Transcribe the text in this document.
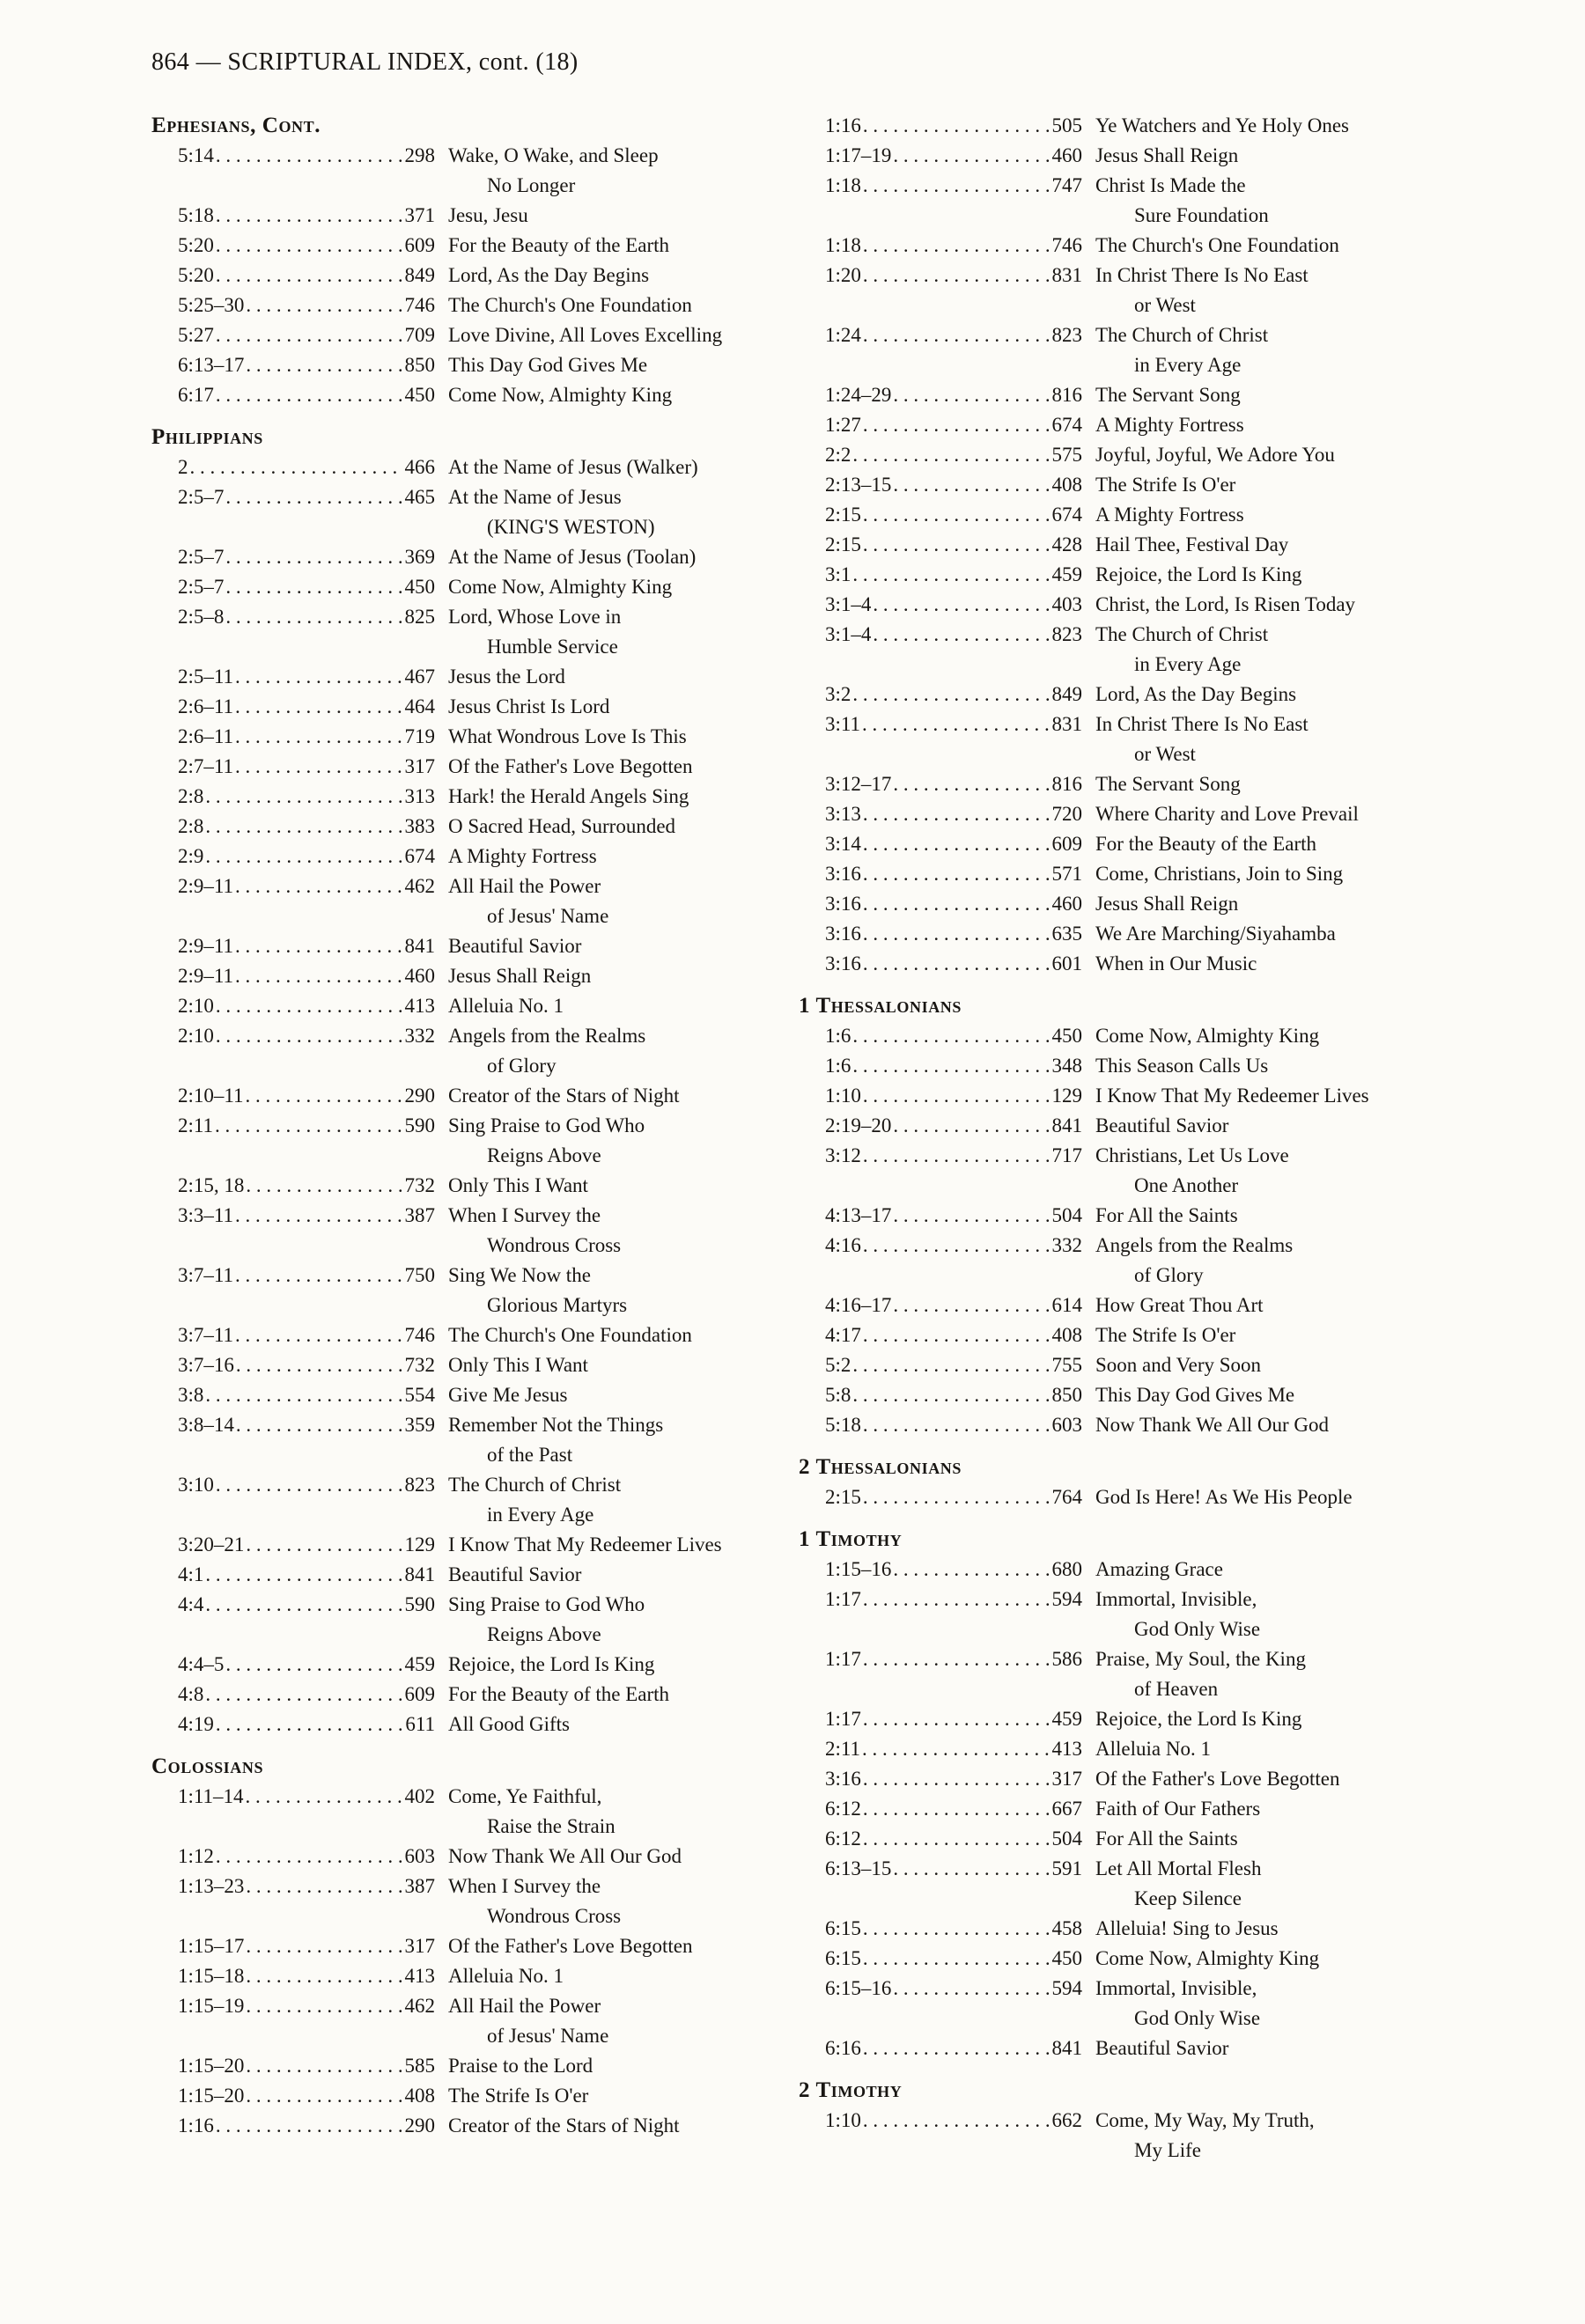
864 — SCRIPTURAL INDEX, cont. (18)
Ephesians, Cont.
5:14 . . .	298 Wake, O Wake, and Sleep
No Longer
5:18 . . .	371 Jesu, Jesu
5:20 . . .	609 For the Beauty of the Earth
5:20 . . .	849 Lord, As the Day Begins
5:25–30 . . .	746 The Church's One Foundation
5:27 . . .	709 Love Divine, All Loves Excelling
6:13–17 . . .	850 This Day God Gives Me
6:17 . . .	450 Come Now, Almighty King
Philippians
2 . . .	466 At the Name of Jesus (Walker)
2:5–7 . . .	465 At the Name of Jesus
(KING'S WESTON)
2:5–7 . . .	369 At the Name of Jesus (Toolan)
2:5–7 . . .	450 Come Now, Almighty King
2:5–8 . . .	825 Lord, Whose Love in
Humble Service
2:5–11 . . .	467 Jesus the Lord
2:6–11 . . .	464 Jesus Christ Is Lord
2:6–11 . . .	719 What Wondrous Love Is This
2:7–11 . . .	317 Of the Father's Love Begotten
2:8 . . .	313 Hark! the Herald Angels Sing
2:8 . . .	383 O Sacred Head, Surrounded
2:9 . . .	674 A Mighty Fortress
2:9–11 . . .	462 All Hail the Power
of Jesus' Name
2:9–11 . . .	841 Beautiful Savior
2:9–11 . . .	460 Jesus Shall Reign
2:10 . . .	413 Alleluia No. 1
2:10 . . .	332 Angels from the Realms
of Glory
2:10–11 . . .	290 Creator of the Stars of Night
2:11 . . .	590 Sing Praise to God Who
Reigns Above
2:15, 18 . . .	732 Only This I Want
3:3–11 . . .	387 When I Survey the
Wondrous Cross
3:7–11 . . .	750 Sing We Now the
Glorious Martyrs
3:7–11 . . .	746 The Church's One Foundation
3:7–16 . . .	732 Only This I Want
3:8 . . .	554 Give Me Jesus
3:8–14 . . .	359 Remember Not the Things
of the Past
3:10 . . .	823 The Church of Christ
in Every Age
3:20–21 . . .	129 I Know That My Redeemer Lives
4:1 . . .	841 Beautiful Savior
4:4 . . .	590 Sing Praise to God Who
Reigns Above
4:4–5 . . .	459 Rejoice, the Lord Is King
4:8 . . .	609 For the Beauty of the Earth
4:19 . . .	611 All Good Gifts
Colossians
1:11–14 . . .	402 Come, Ye Faithful,
Raise the Strain
1:12 . . .	603 Now Thank We All Our God
1:13–23 . . .	387 When I Survey the
Wondrous Cross
1:15–17 . . .	317 Of the Father's Love Begotten
1:15–18 . . .	413 Alleluia No. 1
1:15–19 . . .	462 All Hail the Power
of Jesus' Name
1:15–20 . . .	585 Praise to the Lord
1:15–20 . . .	408 The Strife Is O'er
1:16 . . .	290 Creator of the Stars of Night
1:16 . . .	505 Ye Watchers and Ye Holy Ones
1:17–19 . . .	460 Jesus Shall Reign
1:18 . . .	747 Christ Is Made the
Sure Foundation
1:18 . . .	746 The Church's One Foundation
1:20 . . .	831 In Christ There Is No East
or West
1:24 . . .	823 The Church of Christ
in Every Age
1:24–29 . . .	816 The Servant Song
1:27 . . .	674 A Mighty Fortress
2:2 . . .	575 Joyful, Joyful, We Adore You
2:13–15 . . .	408 The Strife Is O'er
2:15 . . .	674 A Mighty Fortress
2:15 . . .	428 Hail Thee, Festival Day
3:1 . . .	459 Rejoice, the Lord Is King
3:1–4 . . .	403 Christ, the Lord, Is Risen Today
3:1–4 . . .	823 The Church of Christ
in Every Age
3:2 . . .	849 Lord, As the Day Begins
3:11 . . .	831 In Christ There Is No East
or West
3:12–17 . . .	816 The Servant Song
3:13 . . .	720 Where Charity and Love Prevail
3:14 . . .	609 For the Beauty of the Earth
3:16 . . .	571 Come, Christians, Join to Sing
3:16 . . .	460 Jesus Shall Reign
3:16 . . .	635 We Are Marching/Siyahamba
3:16 . . .	601 When in Our Music
1 Thessalonians
1:6 . . .	450 Come Now, Almighty King
1:6 . . .	348 This Season Calls Us
1:10 . . .	129 I Know That My Redeemer Lives
2:19–20 . . .	841 Beautiful Savior
3:12 . . .	717 Christians, Let Us Love
One Another
4:13–17 . . .	504 For All the Saints
4:16 . . .	332 Angels from the Realms
of Glory
4:16–17 . . .	614 How Great Thou Art
4:17 . . .	408 The Strife Is O'er
5:2 . . .	755 Soon and Very Soon
5:8 . . .	850 This Day God Gives Me
5:18 . . .	603 Now Thank We All Our God
2 Thessalonians
2:15 . . .	764 God Is Here! As We His People
1 Timothy
1:15–16 . . .	680 Amazing Grace
1:17 . . .	594 Immortal, Invisible,
God Only Wise
1:17 . . .	586 Praise, My Soul, the King
of Heaven
1:17 . . .	459 Rejoice, the Lord Is King
2:11 . . .	413 Alleluia No. 1
3:16 . . .	317 Of the Father's Love Begotten
6:12 . . .	667 Faith of Our Fathers
6:12 . . .	504 For All the Saints
6:13–15 . . .	591 Let All Mortal Flesh
Keep Silence
6:15 . . .	458 Alleluia! Sing to Jesus
6:15 . . .	450 Come Now, Almighty King
6:15–16 . . .	594 Immortal, Invisible,
God Only Wise
6:16 . . .	841 Beautiful Savior
2 Timothy
1:10 . . .	662 Come, My Way, My Truth,
My Life
